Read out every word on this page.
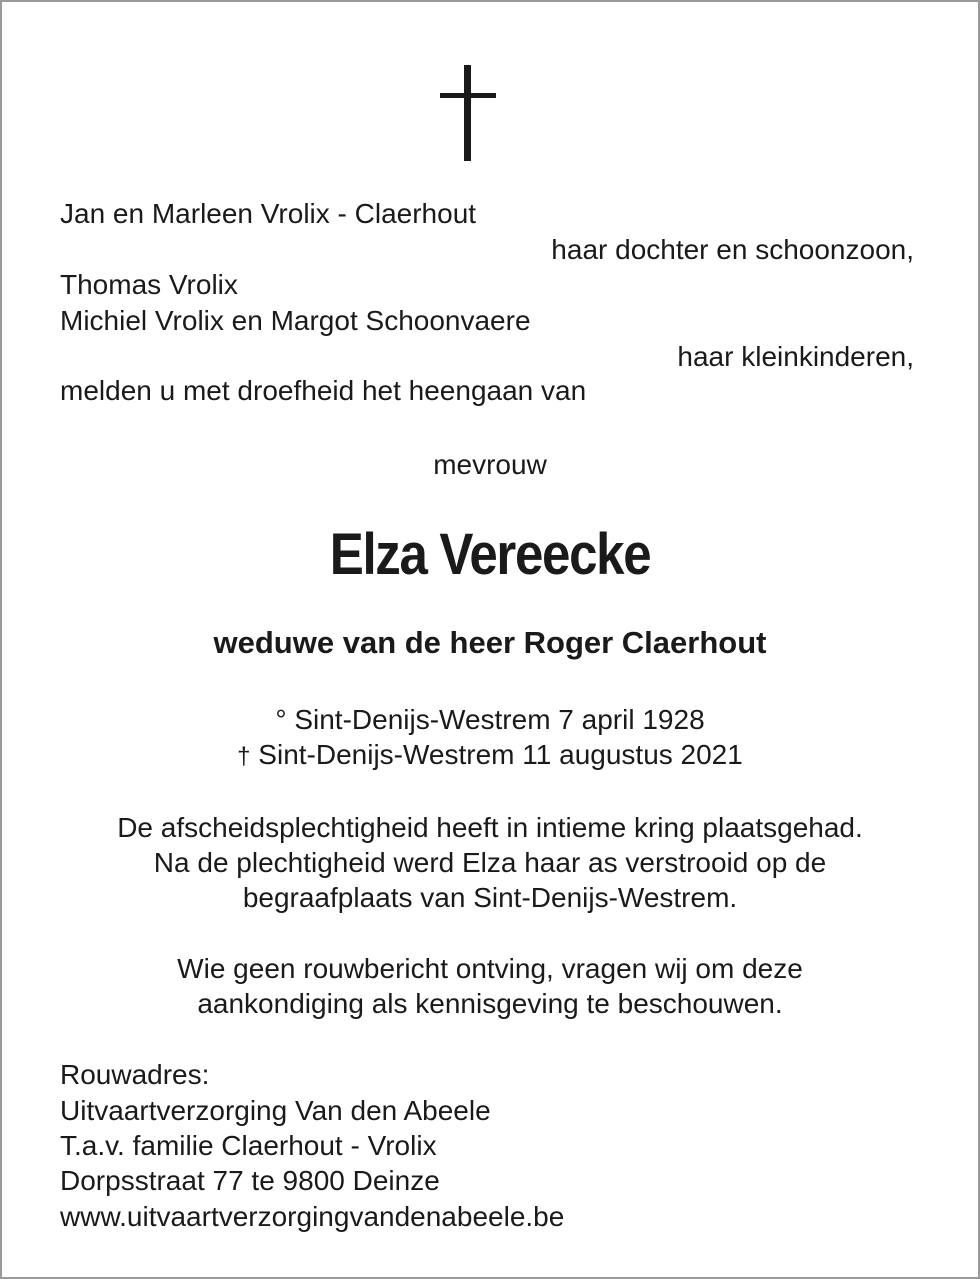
Jan en Marleen Vrolix - Claerhout
haar dochter en schoonzoon,
Thomas Vrolix
Michiel Vrolix en Margot Schoonvaere
haar kleinkinderen,
melden u met droefheid het heengaan van
mevrouw
Elza Vereecke
weduwe van de heer Roger Claerhout
° Sint-Denijs-Westrem 7 april 1928
† Sint-Denijs-Westrem 11 augustus 2021
De afscheidsplechtigheid heeft in intieme kring plaatsgehad.
Na de plechtigheid werd Elza haar as verstrooid op de
begraafplaats van Sint-Denijs-Westrem.
Wie geen rouwbericht ontving, vragen wij om deze
aankondiging als kennisgeving te beschouwen.
Rouwadres:
Uitvaartverzorging Van den Abeele
T.a.v. familie Claerhout - Vrolix
Dorpsstraat 77 te 9800 Deinze
www.uitvaartverzorgingvandenabeele.be
